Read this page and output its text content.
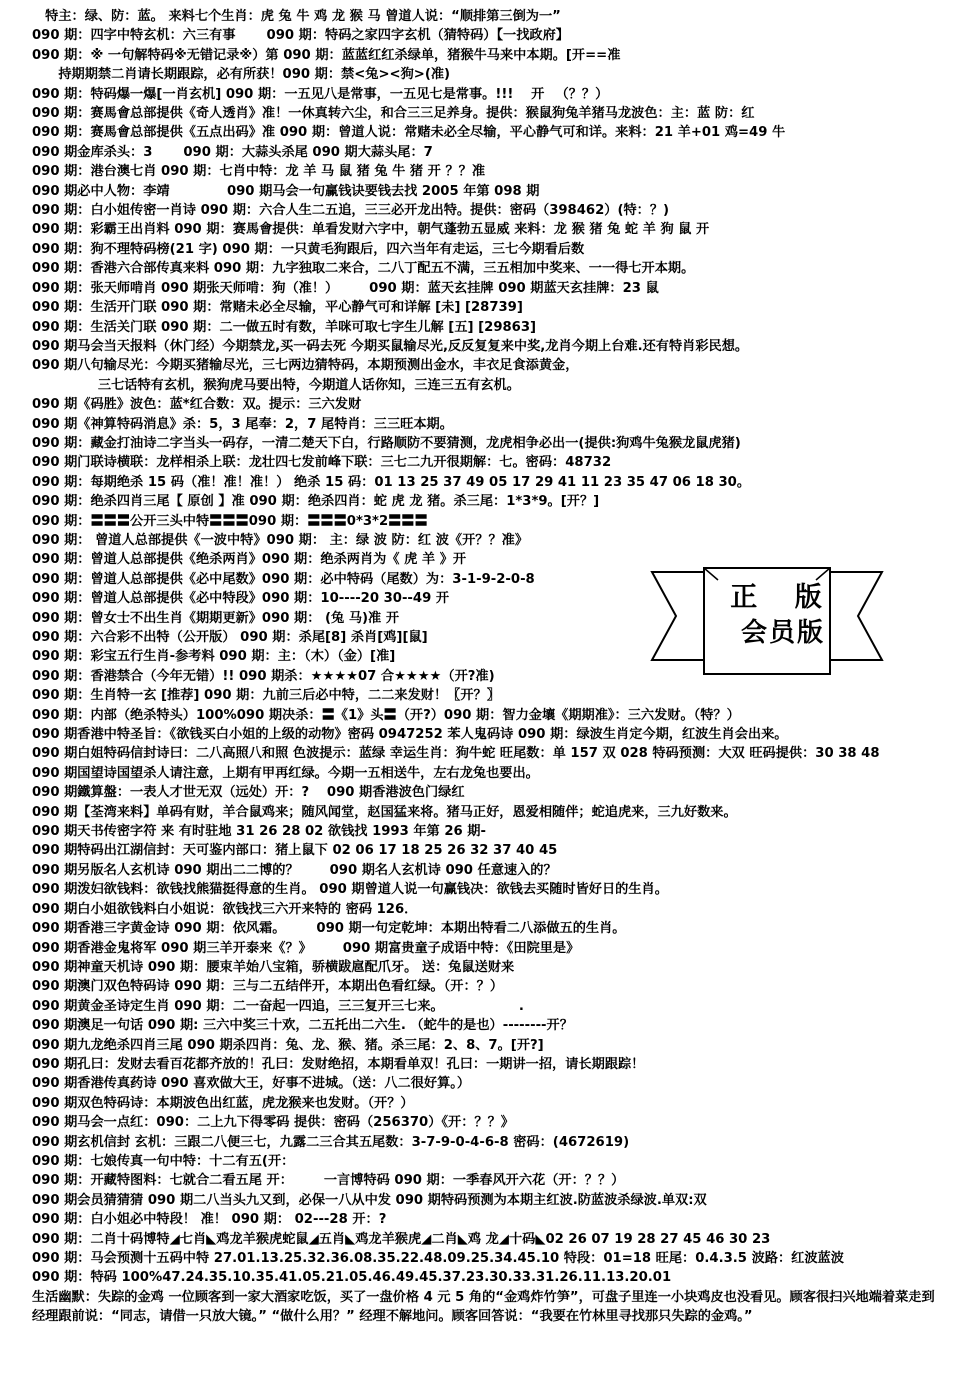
　特主：绿、防：蓝。 来料七个生肖：虎 兔 牛 鸡 龙 猴 马 曾道人说：“顺排第三倒为一”
090 期：四字中特玄机：六三有事 　　090 期：特码之家四字玄机（猜特码）【一找政府】
090 期：※ 一句解特码※无错记录※）第 090 期：蓝蓝红红杀绿单，猪猴牛马来中本期。[开==准
　　持期期禁二肖请长期跟踪，必有所获！090 期：禁<兔><狗>(准)
090 期：特码爆一爆[一肖玄机] 090 期：一五见八是常事，一五见七是常事。!!! 　开 　（？？）
090 期：赛馬會总部提供《奇人透肖》准！一休真转六尘，和合三三足养身。提供：猴鼠狗兔羊猪马龙波色：主：蓝 防：红
090 期：赛馬會总部提供《五点出码》准 090 期：曾道人说：常赌未必全尽输，平心静气可和详。来料：21 羊+01 鸡=49 牛
090 期金库杀头：3 　　090 期：大蒜头杀尾 090 期大蒜头尾：7
090 期：港台澳七肖 090 期：七肖中特：龙 羊 马 鼠 猪 兔 牛 猪 开 ？？准
090 期必中人物：李靖 　　　　090 期马会一句赢钱诀要钱去找 2005 年第 098 期
090 期：白小姐传密一肖诗 090 期：六合人生二五追，三三必开龙出特。提供：密码（398462）(特：？)
090 期：彩霸王出肖料 090 期：赛馬會提供：单看发财六字中，朝气蓬勃五显威 来料：龙 猴 猪 兔 蛇 羊 狗 鼠 开
090 期：狗不理特码榜(21 字) 090 期：一只黄毛狗跟后，四六当年有走运，三七今期看后数
090 期：香港六合部传真来料 090 期：九字独取二来合，二八丁配五不满，三五相加中奖来、一一得七开本期。
090 期：张天师啃肖 090 期张天师啃：狗（准！） 　　090 期：蓝天玄挂牌 090 期蓝天玄挂牌：23 鼠
090 期：生活开门联 090 期：常赌未必全尽输，平心静气可和详解 [未] [28739]
090 期：生活关门联 090 期：二一做五时有数，羊咪可取七字生儿解 [五] [29863]
090 期马会当天报料（休门经）今期禁龙,买一码去死 今期买鼠输尽光,反反复复来中奖,龙肖今期上台难.还有特肖彩民想。
090 期八句输尽光：今期买猪输尽光，三七两边猜特码，本期预测出金水，丰衣足食添黄金，
　　　　　三七话特有玄机，猴狗虎马要出特，今期道人话你知，三连三五有玄机。
090 期《码胜》波色：蓝*红合数：双。提示：三六发财
090 期《神算特码消息》杀：5，3 尾奉：2，7 尾特肖：三三旺本期。
090 期：藏金打油诗二字当头一码存，一清二楚天下白，行路顺防不要猜测，龙虎相争必出一(提供:狗鸡牛兔猴龙鼠虎猪)
090 期门联诗横联：龙样相杀上联：龙壮四七发前峰下联：三七二九开很期解：七。密码：48732
090 期：每期绝杀 15 码（准！准！准！） 绝杀 15 码：01 13 25 37 49 05 17 29 41 11 23 35 47 06 18 30。
090 期：绝杀四肖三尾【 原创 】准 090 期：绝杀四肖：蛇 虎 龙 猪。杀三尾：1*3*9。[开？]
090 期：〓〓〓公开三头中特〓〓〓090 期：〓〓〓0*3*2〓〓〓
090 期： 曾道人总部提供《一波中特》090 期： 主：绿 波 防：红 波《开？？准》
090 期：曾道人总部提供《绝杀两肖》090 期：绝杀两肖为《 虎 羊 》开
090 期：曾道人总部提供《必中尾数》090 期：必中特码（尾数）为：3-1-9-2-0-8
090 期：曾道人总部提供《必中特段》090 期：10----20 30--49 开
090 期：曾女士不出生肖《期期更新》090 期： (兔 马)准 开
090 期：六合彩不出特（公开版） 090 期：杀尾[8] 杀肖[鸡][鼠]
090 期：彩宝五行生肖-参考料 090 期：主：（木）（金）[准]
090 期：香港禁合（今年无错）!! 090 期杀：★★★★07 合★★★★（开?准)
090 期：生肖特一玄 [推荐] 090 期：九前三后必中特，二二来发财！〖开？〗
090 期：内部（绝杀特头）100%090 期决杀：〓《1》头〓（开?）090 期：智力金壤《期期准》：三六发财。（特？）
090 期香港中特圣旨：《欲钱买白小姐的上级的动物》密码 0947252 苯人鬼码诗 090 期：绿波生肖定今期，红波生肖会出来。
090 期白姐特码信封诗曰：二八高照八和照 色波提示：蓝绿 幸运生肖：狗牛蛇 旺尾数：单 157 双 028 特码预测：大双 旺码提供：30 38 48
090 期国望诗国望杀人请注意，上期有甲再红绿。今期一五相送牛，左右龙兔也要出。
090 期鐵算盤：一表人才世无双（远处）开：? 　090 期香港波色门绿红
090 期【荃湾来料】单码有财，羊合鼠鸡来；随风闻堂，赵国猛来将。猪马正好，恩爱相随伴；蛇追虎来，三九好数来。
090 期天书传密字符 来 有时驻地 31 26 28 02 欲钱找 1993 年第 26 期-
090 期特码出江湖信封：天可鉴内部口：猪上鼠下 02 06 17 18 25 26 32 37 40 45
090 期另版名人玄机诗 090 期出二二博的？ 　　090 期名人玄机诗 090 任意速入的？
090 期泼妇欲钱料：欲钱找熊猫挺得意的生肖。 090 期曾道人说一句赢钱决：欲钱去买随时皆好日的生肖。
090 期白小姐欲钱料白小姐说：欲钱找三六开来特的 密码 126．
090 期香港三字黄金诗 090 期：依风霜。 　　090 期一句定乾坤：本期出特看二八添做五的生肖。
090 期香港金鬼将军 090 期三羊开泰来《？》 　　090 期富贵童子成语中特：《田院里是》
090 期神童天机诗 090 期：腰束羊始八宝箱，骄横跋扈配爪牙。 送：兔鼠送财来
090 期澳门双色特码诗 090 期：三与二五结伴开，本期出色看红绿。（开：？）
090 期黄金圣诗定生肖 090 期：二一奋起一四追，三三复开三七来。 　　　　　 .
090 期澳足一句话 090 期: 三六中奖三十欢，二五托出二六生. （蛇牛的是也）--------开？
090 期九龙绝杀四肖三尾 090 期杀四肖：兔、龙、猴、猪。杀三尾：2、8、7。[开?]
090 期孔曰：发财去看百花都齐放的！孔曰：发财绝招，本期看单双！孔曰：一期讲一招，请长期跟踪！
090 期香港传真药诗 090 喜欢做大王，好事不进城。（送：八二很好算。）
090 期双色特码诗：本期波色出红蓝，虎龙猴来也发财。（开？）
090 期马会一点红：090：二上九下得零码 提供：密码（256370）《开：？？》
090 期玄机信封 玄机：三跟二八便三七，九露二三合其五尾数：3-7-9-0-4-6-8 密码：(4672619)
090 期：七娘传真一句中特：十二有五(开：
090 期：开藏特图料：七就合二看五尾 开： 　　一言博特码 090 期：一季春风开六花（开：？？）
090 期会员猜猜猜 090 期二八当头九又到，必保一八从中发 090 期特码预测为本期主红波.防蓝波杀绿波.单双:双
090 期：白小姐必中特段！ 准！ 090 期： 02---28 开：?
090 期：二肖十码博特◢七肖◣鸡龙羊猴虎蛇鼠◢五肖◣鸡龙羊猴虎◢二肖◣鸡 龙◢十码◣02 26 07 19 28 27 45 46 30 23
090 期：马会预测十五码中特 27.01.13.25.32.36.08.35.22.48.09.25.34.45.10 特段：01=18 旺尾：0.4.3.5 波路：红波蓝波
090 期：特码 100%47.24.35.10.35.41.05.21.05.46.49.45.37.23.30.33.31.26.11.13.20.01
生活幽默：失踪的金鸡 一位顾客到一家大酒家吃饭，买了一盘价格 4 元 5 角的“金鸡炸竹笋”，可盘子里连一小块鸡皮也没看见。顾客很扫兴地端着菜走到经理跟前说：“同志，请借一只放大镜。” “做什么用？” 经理不解地问。顾客回答说：“我要在竹林里寻找那只失踪的金鸡。”
正 版
会员版
